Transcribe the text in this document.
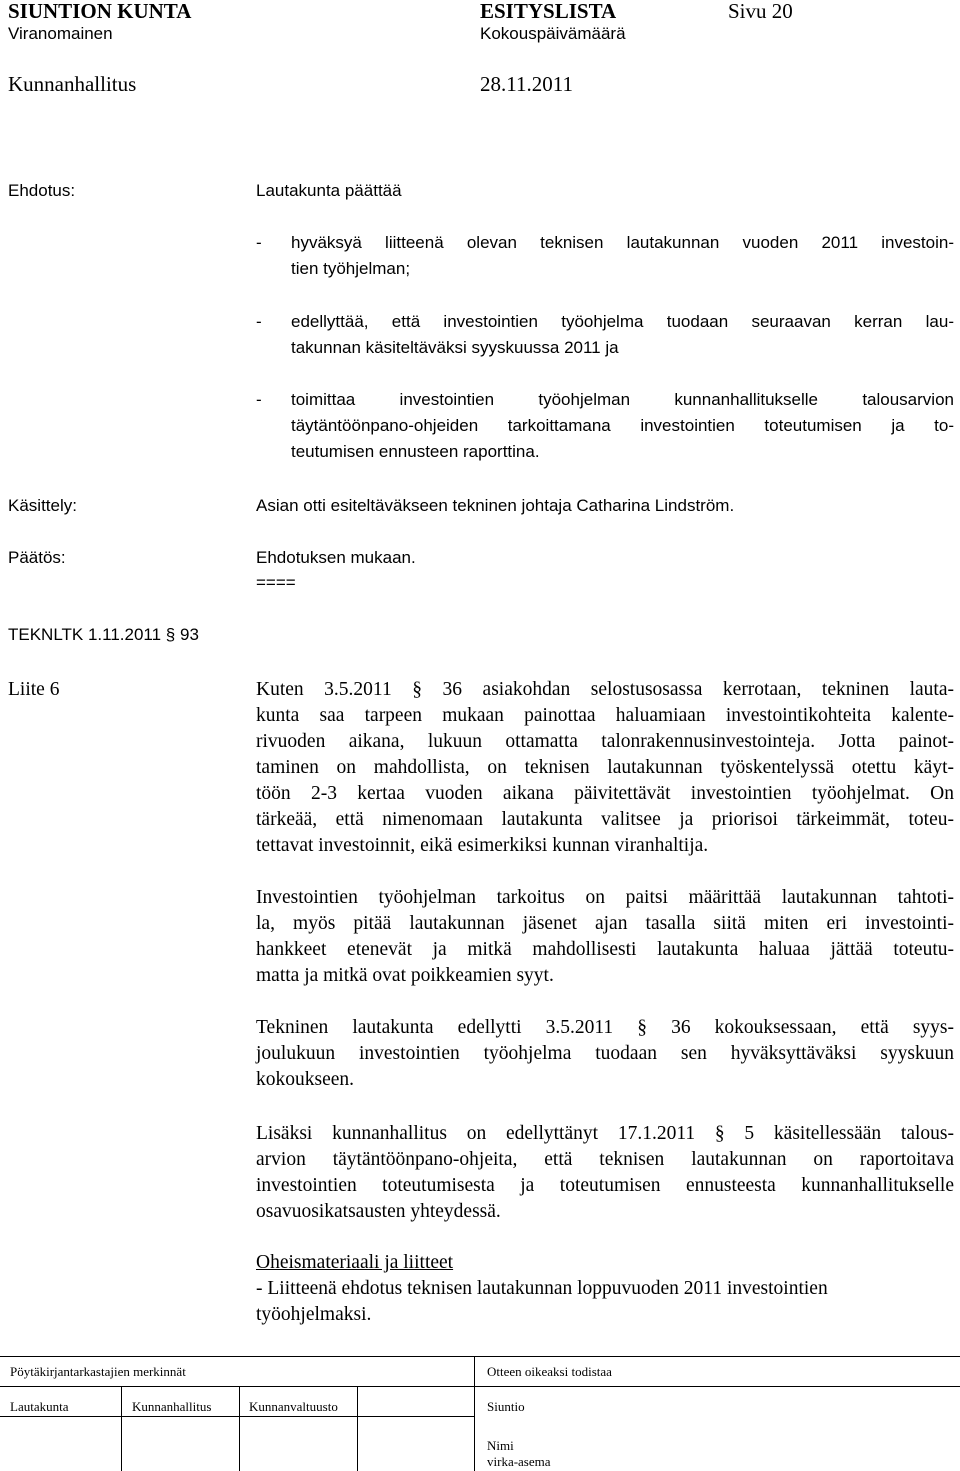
SIUNTION KUNTA	ESITYSLISTA	Sivu 20
Viranomainen	Kokouspäivämäärä
Kunnanhallitus	28.11.2011
Ehdotus:	Lautakunta päättää
- hyväksyä liitteenä olevan teknisen lautakunnan vuoden 2011 investoin-
tien työhjelman;
- edellyttää, että investointien työohjelma tuodaan seuraavan kerran lau-
takunnan käsiteltäväksi syyskuussa 2011 ja
- toimittaa investointien työohjelman kunnanhallitukselle talousarvion
täytäntöönpano-ohjeiden tarkoittamana investointien toteutumisen ja to-
teutumisen ennusteen raporttina.
Käsittely:	Asian otti esiteltäväkseen tekninen johtaja Catharina Lindström.
Päätös:	Ehdotuksen mukaan.
====
TEKNLTK 1.11.2011 § 93
Liite 6	Kuten 3.5.2011 § 36 asiakohdan selostusosassa kerrotaan, tekninen lauta-
kunta saa tarpeen mukaan painottaa haluamiaan investointikohteita kalente-
rivuoden aikana, lukuun ottamatta talonrakennusinvestointeja. Jotta painot-
taminen on mahdollista, on teknisen lautakunnan työskentelyssä otettu käyt-
töön 2-3 kertaa vuoden aikana päivitettävät investointien työohjelmat. On
tärkeää, että nimenomaan lautakunta valitsee ja priorisoi tärkeimmät, toteu-
tettavat investoinnit, eikä esimerkiksi kunnan viranhaltija.
Investointien työohjelman tarkoitus on paitsi määrittää lautakunnan tahtoti-
la, myös pitää lautakunnan jäsenet ajan tasalla siitä miten eri investointi-
hankkeet etenevät ja mitkä mahdollisesti lautakunta haluaa jättää toteutu-
matta ja mitkä ovat poikkeamien syyt.
Tekninen lautakunta edellytti 3.5.2011 § 36 kokouksessaan, että syys-
joulukuun investointien työohjelma tuodaan sen hyväksyttäväksi syyskuun
kokoukseen.
Lisäksi kunnanhallitus on edellyttänyt 17.1.2011 § 5 käsitellessään talous-
arvion täytäntöönpano-ohjeita, että teknisen lautakunnan on raportoitava
investointien toteutumisesta ja toteutumisen ennusteesta kunnanhallitukselle
osavuosikatsausten yhteydessä.
Oheismateriaali ja liitteet
- Liitteenä ehdotus teknisen lautakunnan loppuvuoden 2011 investointien
työohjelmaksi.
Pöytäkirjantarkastajien merkinnät	Otteen oikeaksi todistaa
Lautakunta	Kunnanhallitus	Kunnanvaltuusto	Siuntio
Nimi
virka-asema
